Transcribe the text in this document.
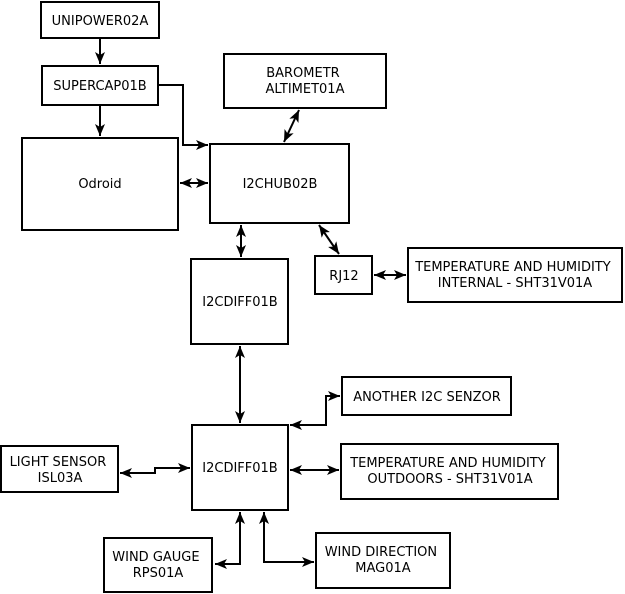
UNIPOWER02A
SUPERCAP01B
Odroid
BAROMETR ALTIMET01A
I2CHUB02B
RJ12
TEMPERATURE AND HUMIDITY INTERNAL - SHT31V01A
I2CDIFF01B
ANOTHER I2C SENZOR
I2CDIFF01B	TEMPERATURE AND HUMIDITY OUTDOORS - SHT31V01A
LIGHT SENSOR ISL03A
WIND GAUGE RPS01A
WIND DIRECTION MAG01A
